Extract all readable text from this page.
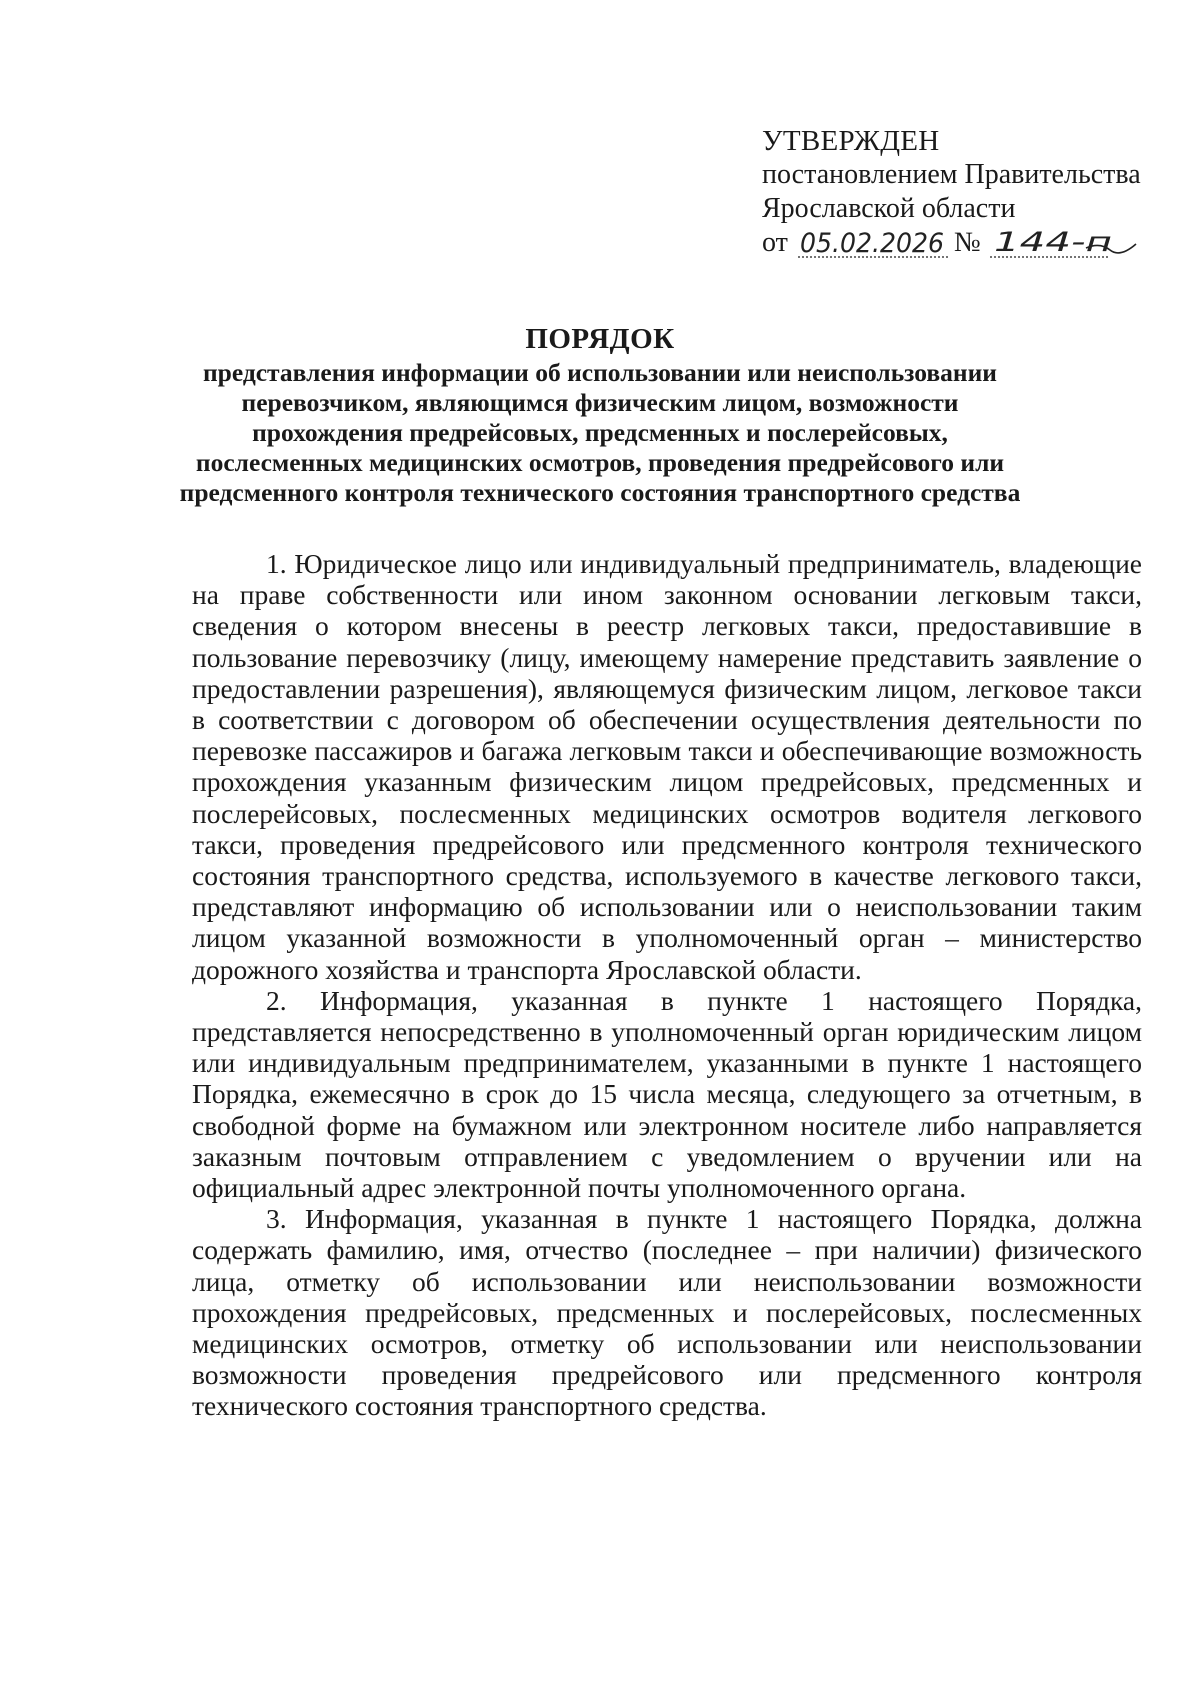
УТВЕРЖДЕН
постановлением Правительства
Ярославской области
от 05.02.2026 № 144-п
ПОРЯДОК
представления информации об использовании или неиспользовании
перевозчиком, являющимся физическим лицом, возможности
прохождения предрейсовых, предсменных и послерейсовых,
послесменных медицинских осмотров, проведения предрейсового или
предсменного контроля технического состояния транспортного средства

1. Юридическое лицо или индивидуальный предприниматель, владеющие на праве собственности или ином законном основании легковым такси, сведения о котором внесены в реестр легковых такси, предоставившие в пользование перевозчику (лицу, имеющему намерение представить заявление о предоставлении разрешения), являющемуся физическим лицом, легковое такси в соответствии с договором об обеспечении осуществления деятельности по перевозке пассажиров и багажа легковым такси и обеспечивающие возможность прохождения указанным физическим лицом предрейсовых, предсменных и послерейсовых, послесменных медицинских осмотров водителя легкового такси, проведения предрейсового или предсменного контроля технического состояния транспортного средства, используемого в качестве легкового такси, представляют информацию об использовании или о неиспользовании таким лицом указанной возможности в уполномоченный орган – министерство дорожного хозяйства и транспорта Ярославской области.

2. Информация, указанная в пункте 1 настоящего Порядка, представляется непосредственно в уполномоченный орган юридическим лицом или индивидуальным предпринимателем, указанными в пункте 1 настоящего Порядка, ежемесячно в срок до 15 числа месяца, следующего за отчетным, в свободной форме на бумажном или электронном носителе либо направляется заказным почтовым отправлением с уведомлением о вручении или на официальный адрес электронной почты уполномоченного органа.

3. Информация, указанная в пункте 1 настоящего Порядка, должна содержать фамилию, имя, отчество (последнее – при наличии) физического лица, отметку об использовании или неиспользовании возможности прохождения предрейсовых, предсменных и послерейсовых, послесменных медицинских осмотров, отметку об использовании или неиспользовании возможности проведения предрейсового или предсменного контроля технического состояния транспортного средства.
